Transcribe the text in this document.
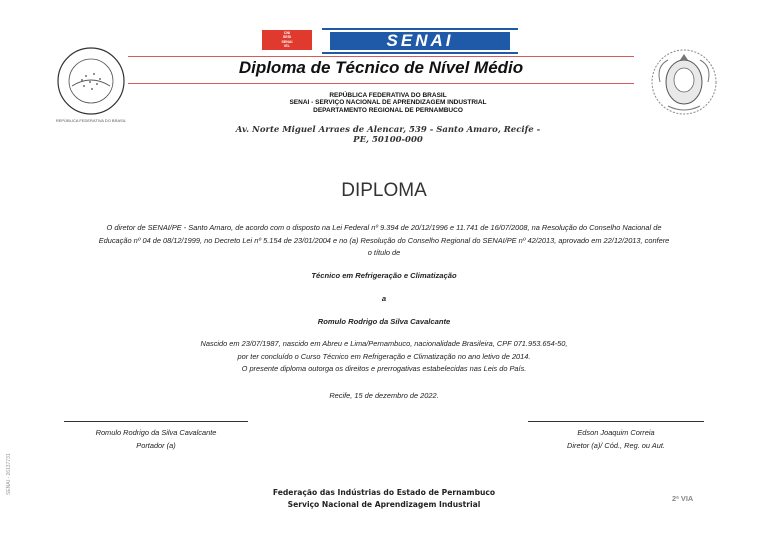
REPÚBLICA FEDERATIVA DO BRASIL
CNI
SESI
SENAI
IEL	SENAI
Diploma de Técnico de Nível Médio
REPÚBLICA FEDERATIVA DO BRASIL
SENAI - SERVIÇO NACIONAL DE APRENDIZAGEM INDUSTRIAL
DEPARTAMENTO REGIONAL DE PERNAMBUCO
Av. Norte Miguel Arraes de Alencar, 539 - Santo Amaro, Recife -
PE, 50100-000
DIPLOMA
O diretor de SENAI/PE - Santo Amaro, de acordo com o disposto na Lei Federal nº 9.394 de 20/12/1996 e 11.741 de 16/07/2008, na Resolução do Conselho Nacional de
Educação nº 04 de 08/12/1999, no Decreto Lei nº 5.154 de 23/01/2004 e no (a) Resolução do Conselho Regional do SENAI/PE nº 42/2013, aprovado em 22/12/2013, confere
o título de
Técnico em Refrigeração e Climatização
a
Romulo Rodrigo da Silva Cavalcante
Nascido em 23/07/1987, nascido em Abreu e Lima/Pernambuco, nacionalidade Brasileira, CPF 071.953.654-50,
por ter concluído o Curso Técnico em Refrigeração e Climatização no ano letivo de 2014.
O presente diploma outorga os direitos e prerrogativas estabelecidas nas Leis do País.
Recife, 15 de dezembro de 2022.
Romulo Rodrigo da Silva Cavalcante
Portador (a)
Edson Joaquim Correia
Diretor (a)/ Cód., Reg. ou Aut.
Federação das Indústrias do Estado de Pernambuco
Serviço Nacional de Aprendizagem Industrial
2ª VIA
SENAI - 26137731
